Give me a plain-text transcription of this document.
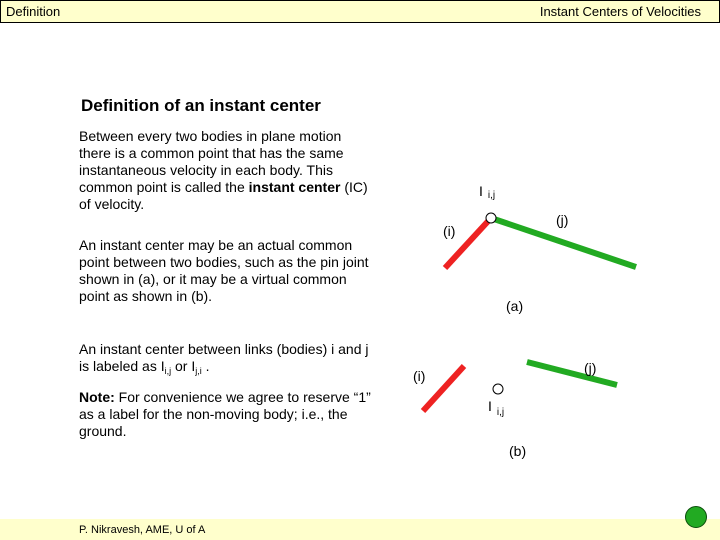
Definition	Instant Centers of Velocities
Definition of an instant center

Between every two bodies in plane motion there is a common point that has the same instantaneous velocity in each body. This common point is called the instant center (IC) of velocity.

An instant center may be an actual common point between two bodies, such as the pin joint shown in (a), or it may be a virtual common point as shown in (b).

An instant center between links (bodies) i and j is labeled as $I_{i,j}$ or $I_{j,i}$ .

Note: For convenience we agree to reserve “1” as a label for the non-moving body; i.e., the ground.

I i,j
(i)
(j)
(a)
I $_{i,j}$
(i)	(j)
(b)
P. Nikravesh, AME, U of A
